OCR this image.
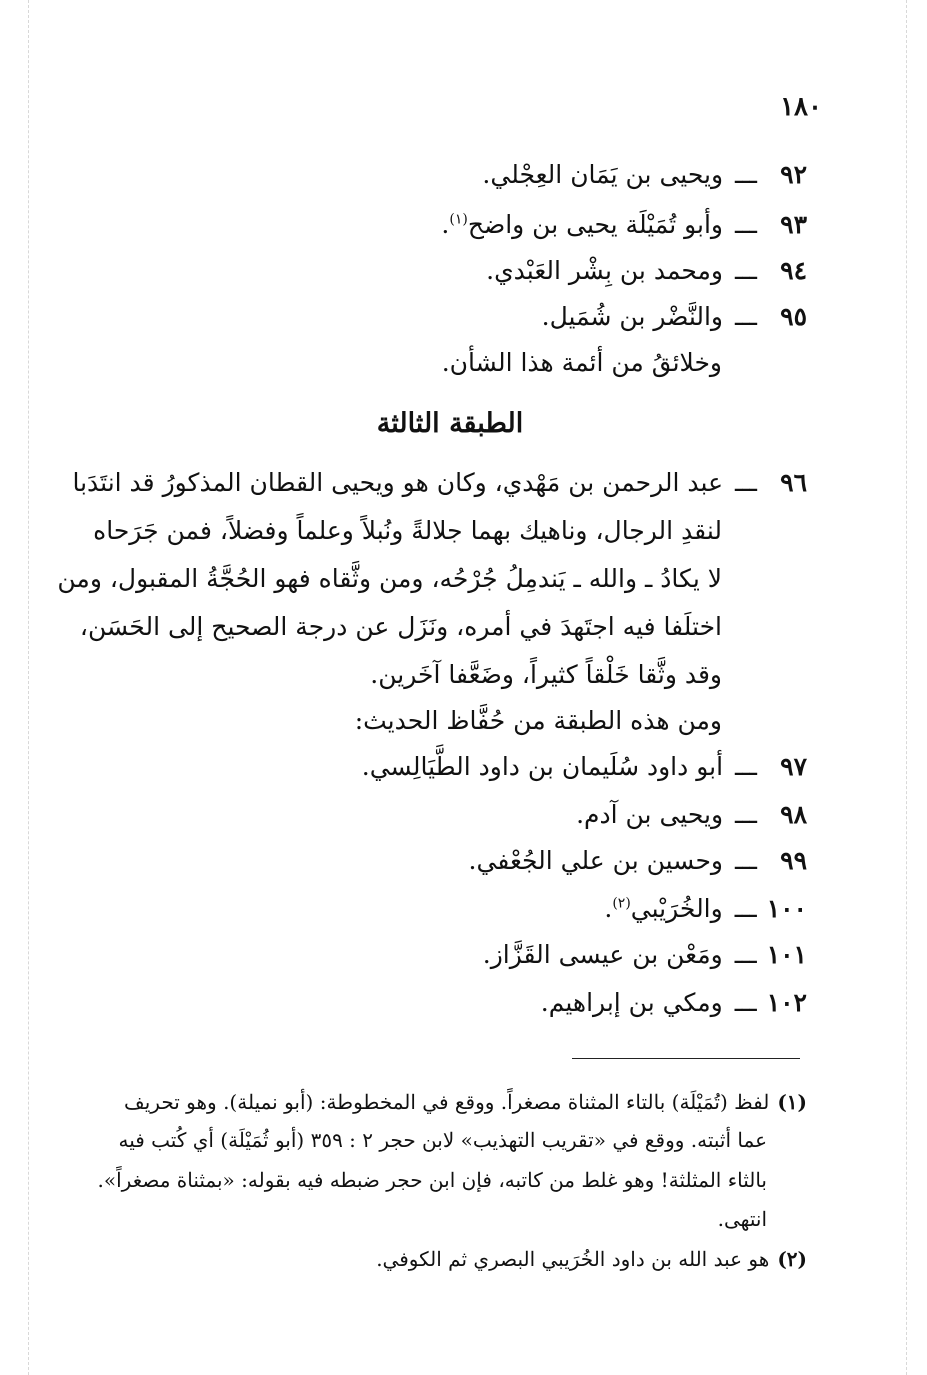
١٨٠
٩٢ـــويحيى بن يَمَان العِجْلي.
٩٣ـــوأبو تُمَيْلَة يحيى بن واضح$^{(١)}$.
٩٤ـــومحمد بن بِشْر العَبْدي.
٩٥ـــوالنَّضْر بن شُمَيل.
وخلائقُ من أئمة هذا الشأن.
الطبقة الثالثة
٩٦ـــعبد الرحمن بن مَهْدي، وكان هو ويحيى القطان المذكورُ قد انتَدَبا
لنقدِ الرجال، وناهيك بهما جلالةً ونُبلاً وعلماً وفضلاً، فمن جَرَحاه
لا يكادُ ـ والله ـ يَندمِلُ جُرْحُه، ومن وثَّقاه فهو الحُجَّةُ المقبول، ومن
اختلَفا فيه اجتَهدَ في أمره، ونَزَل عن درجة الصحيح إلى الحَسَن،
وقد وثَّقا خَلْقاً كثيراً، وضَعَّفا آخَرين.
ومن هذه الطبقة من حُفَّاظ الحديث:
٩٧ـــأبو داود سُلَيمان بن داود الطَّيَالِسي.
٩٨ـــويحيى بن آدم.
٩٩ـــوحسين بن علي الجُعْفي.
١٠٠ـــوالخُرَيْبي$^{(٢)}$.
١٠١ـــومَعْن بن عيسى القَزَّاز.
١٠٢ـــومكي بن إبراهيم.
(١)لفظ (تُمَيْلَة) بالتاء المثناة مصغراً. ووقع في المخطوطة: (أبو نميلة). وهو تحريف
عما أثبته. ووقع في «تقريب التهذيب» لابن حجر ٢ : ٣٥٩ (أبو ثُمَيْلَة) أي كُتب فيه
بالثاء المثلثة! وهو غلط من كاتبه، فإن ابن حجر ضبطه فيه بقوله: «بمثناة مصغراً».
انتهى.
(٢)هو عبد الله بن داود الخُرَيبي البصري ثم الكوفي.
